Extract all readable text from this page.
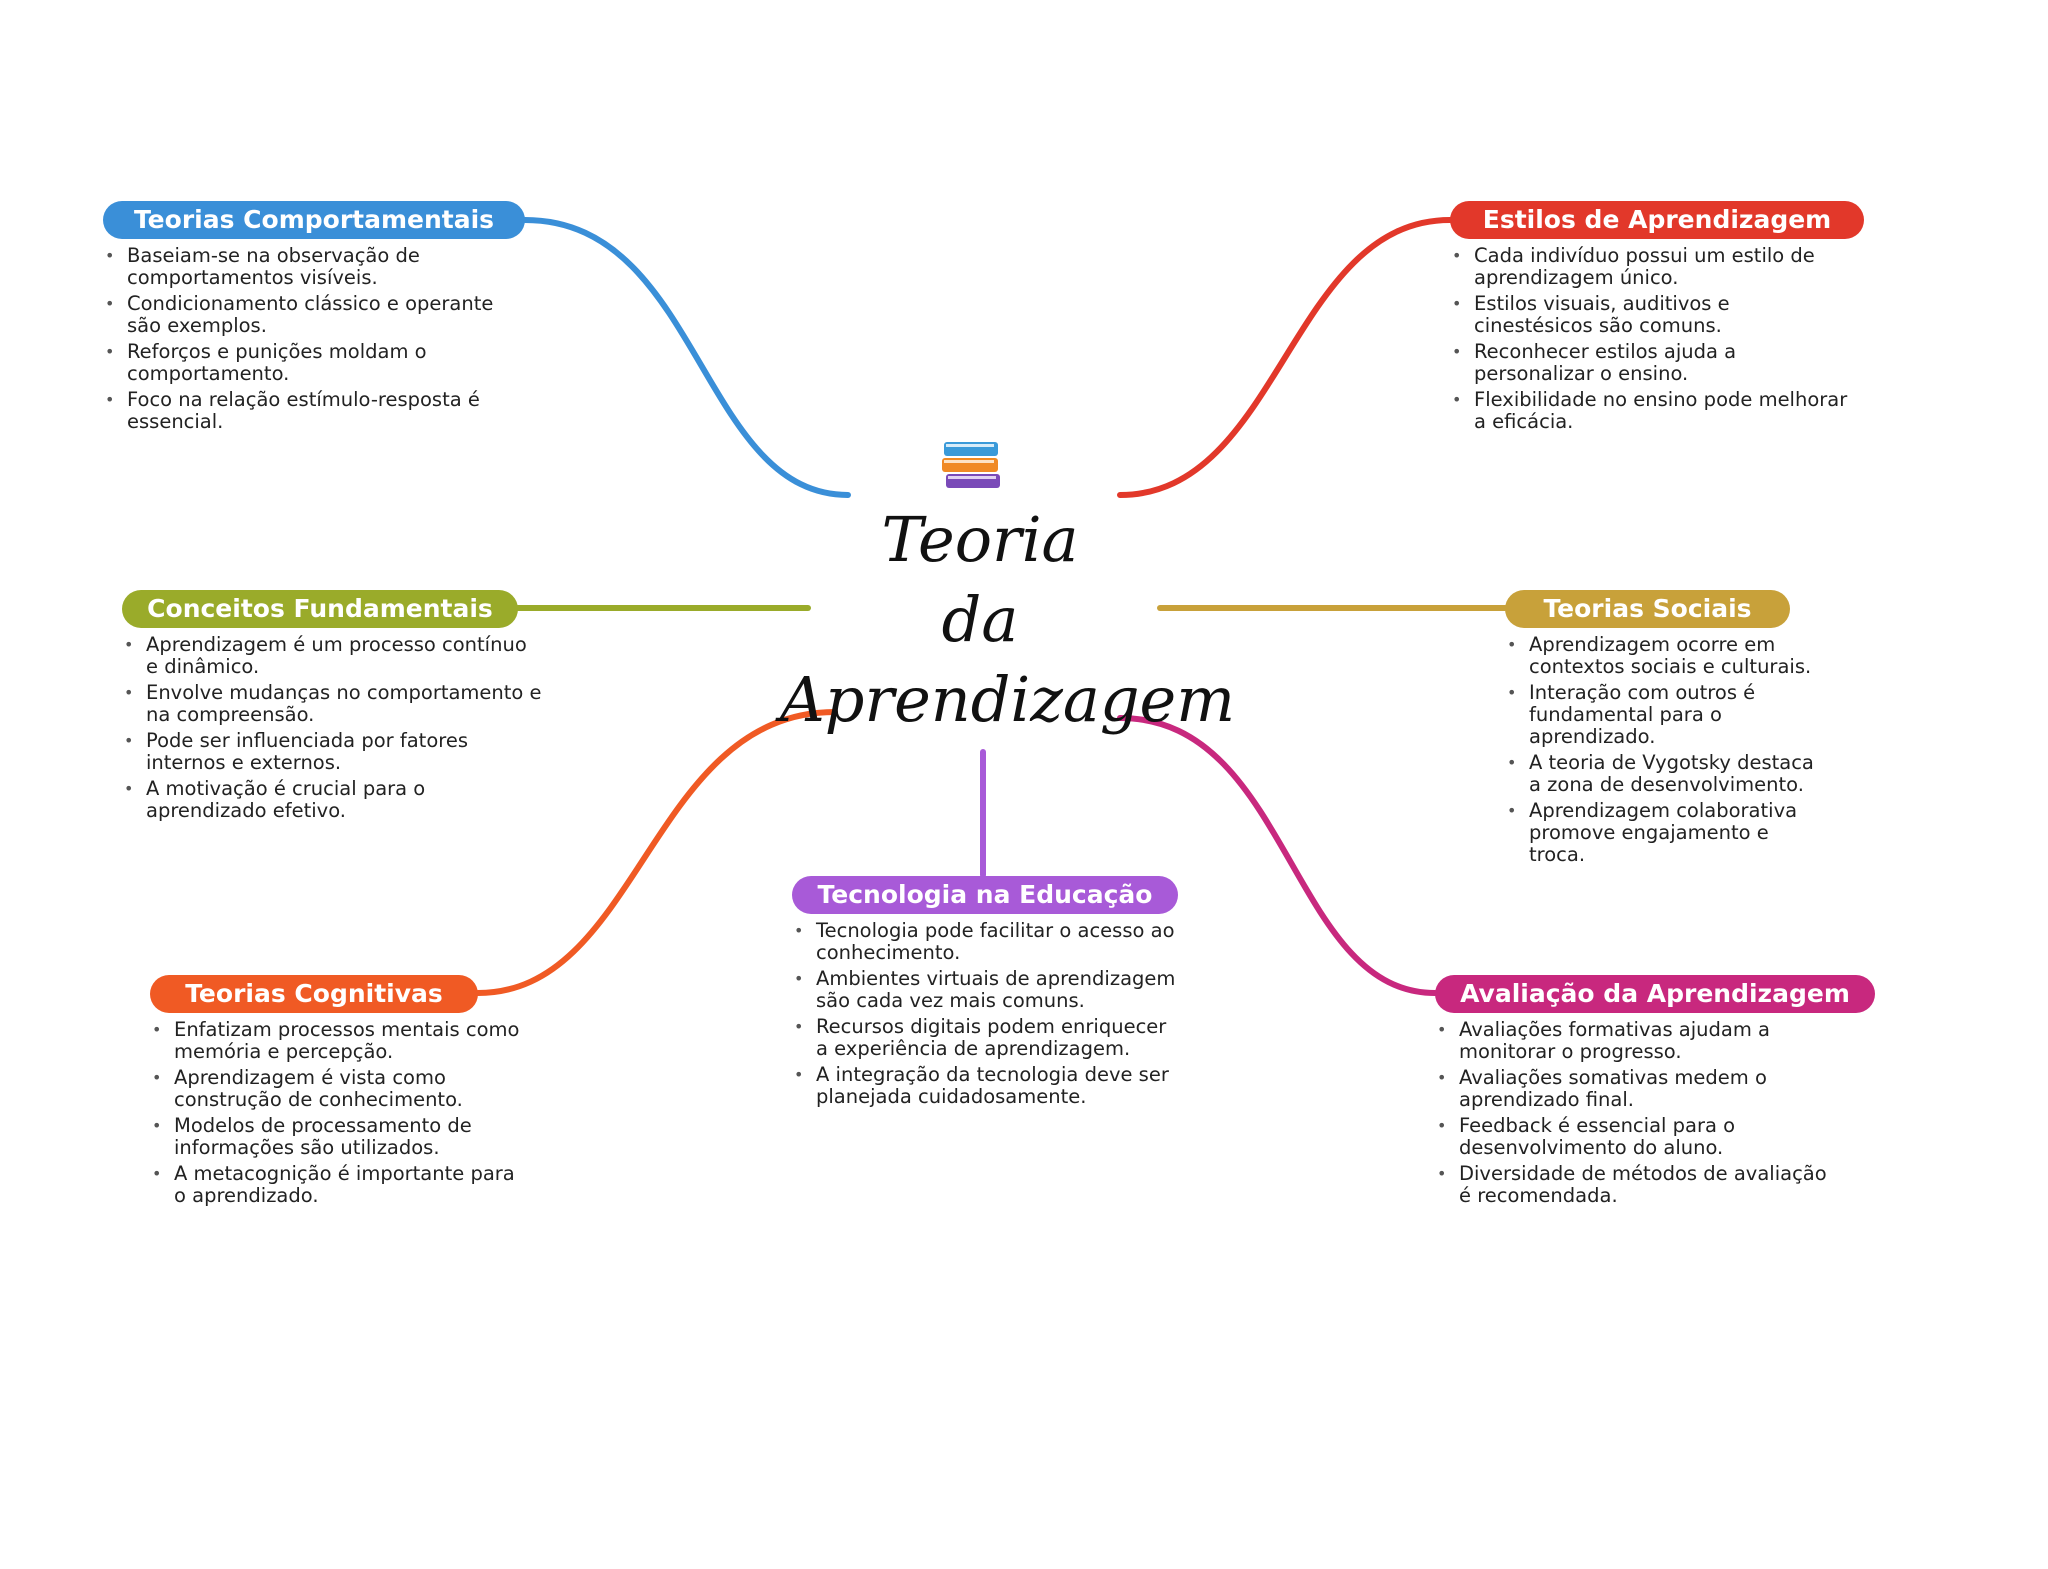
Teoria
da
Aprendizagem
Teorias Comportamentais
• Baseiam-se na observação de comportamentos visíveis.
• Condicionamento clássico e operante são exemplos.
• Reforços e punições moldam o comportamento.
• Foco na relação estímulo-resposta é essencial.
Estilos de Aprendizagem
• Cada indivíduo possui um estilo de aprendizagem único.
• Estilos visuais, auditivos e cinestésicos são comuns.
• Reconhecer estilos ajuda a personalizar o ensino.
• Flexibilidade no ensino pode melhorar a eficácia.
Conceitos Fundamentais
• Aprendizagem é um processo contínuo e dinâmico.
• Envolve mudanças no comportamento e na compreensão.
• Pode ser influenciada por fatores internos e externos.
• A motivação é crucial para o aprendizado efetivo.
Teorias Sociais
• Aprendizagem ocorre em contextos sociais e culturais.
• Interação com outros é fundamental para o aprendizado.
• A teoria de Vygotsky destaca a zona de desenvolvimento.
• Aprendizagem colaborativa promove engajamento e troca.
Tecnologia na Educação
• Tecnologia pode facilitar o acesso ao conhecimento.
• Ambientes virtuais de aprendizagem são cada vez mais comuns.
• Recursos digitais podem enriquecer a experiência de aprendizagem.
• A integração da tecnologia deve ser planejada cuidadosamente.
Teorias Cognitivas
• Enfatizam processos mentais como memória e percepção.
• Aprendizagem é vista como construção de conhecimento.
• Modelos de processamento de informações são utilizados.
• A metacognição é importante para o aprendizado.
Avaliação da Aprendizagem
• Avaliações formativas ajudam a monitorar o progresso.
• Avaliações somativas medem o aprendizado final.
• Feedback é essencial para o desenvolvimento do aluno.
• Diversidade de métodos de avaliação é recomendada.
